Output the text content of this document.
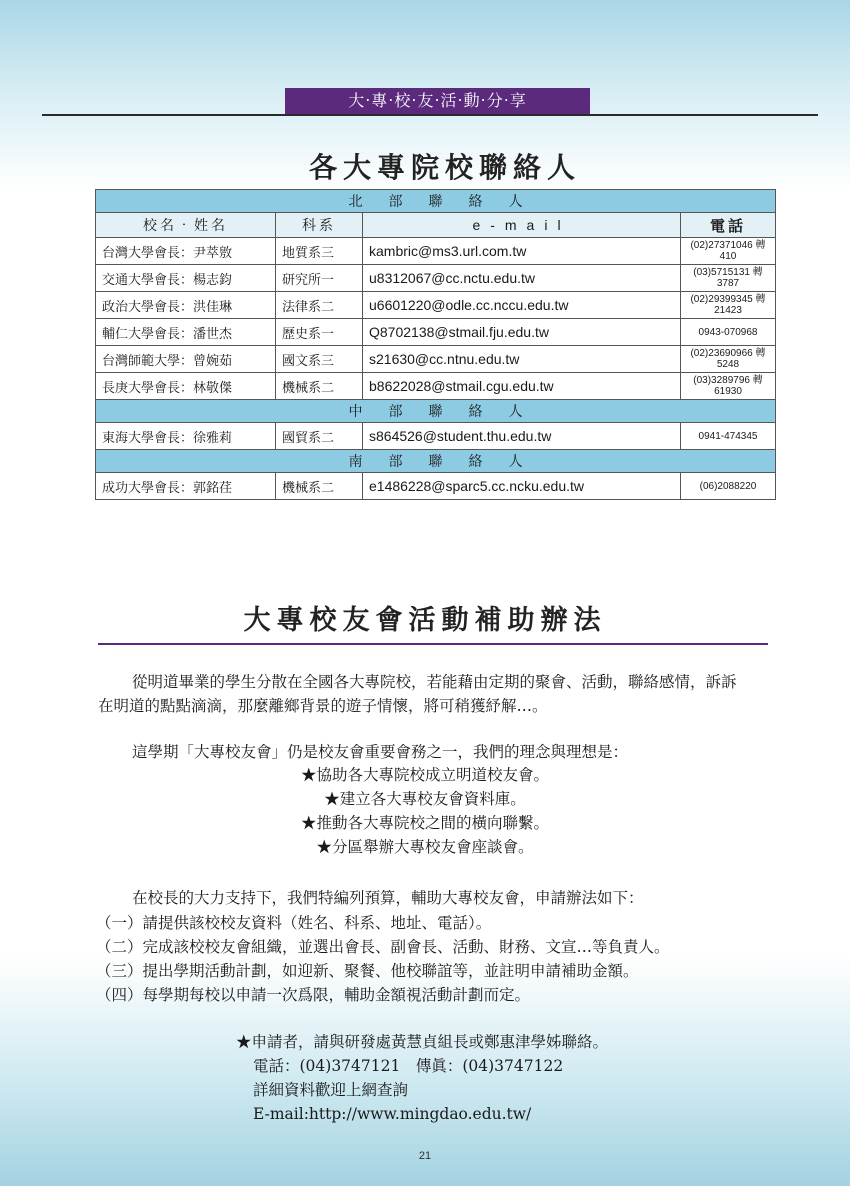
大‧專‧校‧友‧活‧動‧分‧享
各大專院校聯絡人
北部聯絡人			
校名‧姓名	科系	e-mail	電話
台灣大學會長：尹萃敫	地質系三	kambric@ms3.url.com.tw	(02)27371046 轉410
交通大學會長：楊志鈞	研究所一	u8312067@cc.nctu.edu.tw	(03)5715131 轉3787
政治大學會長：洪佳琳	法律系二	u6601220@odle.cc.nccu.edu.tw	(02)29399345 轉21423
輔仁大學會長：潘世杰	歷史系一	Q8702138@stmail.fju.edu.tw	0943-070968
台灣師範大學：曾婉茹	國文系三	s21630@cc.ntnu.edu.tw	(02)23690966 轉5248
長庚大學會長：林敬傑	機械系二	b8622028@stmail.cgu.edu.tw	(03)3289796 轉61930
中部聯絡人			
東海大學會長：徐雅莉	國貿系二	s864526@student.thu.edu.tw	0941-474345
南部聯絡人			
成功大學會長：郭銘荏	機械系二	e1486228@sparc5.cc.ncku.edu.tw	(06)2088220
大專校友會活動補助辦法

從明道畢業的學生分散在全國各大專院校，若能藉由定期的聚會、活動，聯絡感情，訴訴

在明道的點點滴滴，那麼離鄉背景的遊子情懷，將可稍獲紓解…。

這學期「大專校友會」仍是校友會重要會務之一，我們的理念與理想是：

★協助各大專院校成立明道校友會。

★建立各大專校友會資料庫。

★推動各大專院校之間的橫向聯繫。

★分區舉辦大專校友會座談會。

在校長的大力支持下，我們特編列預算，輔助大專校友會，申請辦法如下：

（一）請提供該校校友資料（姓名、科系、地址、電話）。

（二）完成該校校友會組織，並選出會長、副會長、活動、財務、文宣…等負責人。

（三）提出學期活動計劃，如迎新、聚餐、他校聯誼等，並註明申請補助金額。

（四）每學期每校以申請一次爲限，輔助金額視活動計劃而定。

★申請者，請與研發處黃慧貞組長或鄭惠津學姊聯絡。

電話：(04)3747121　傳眞：(04)3747122

詳細資料歡迎上網查詢

E-mail:http://www.mingdao.edu.tw/

21
